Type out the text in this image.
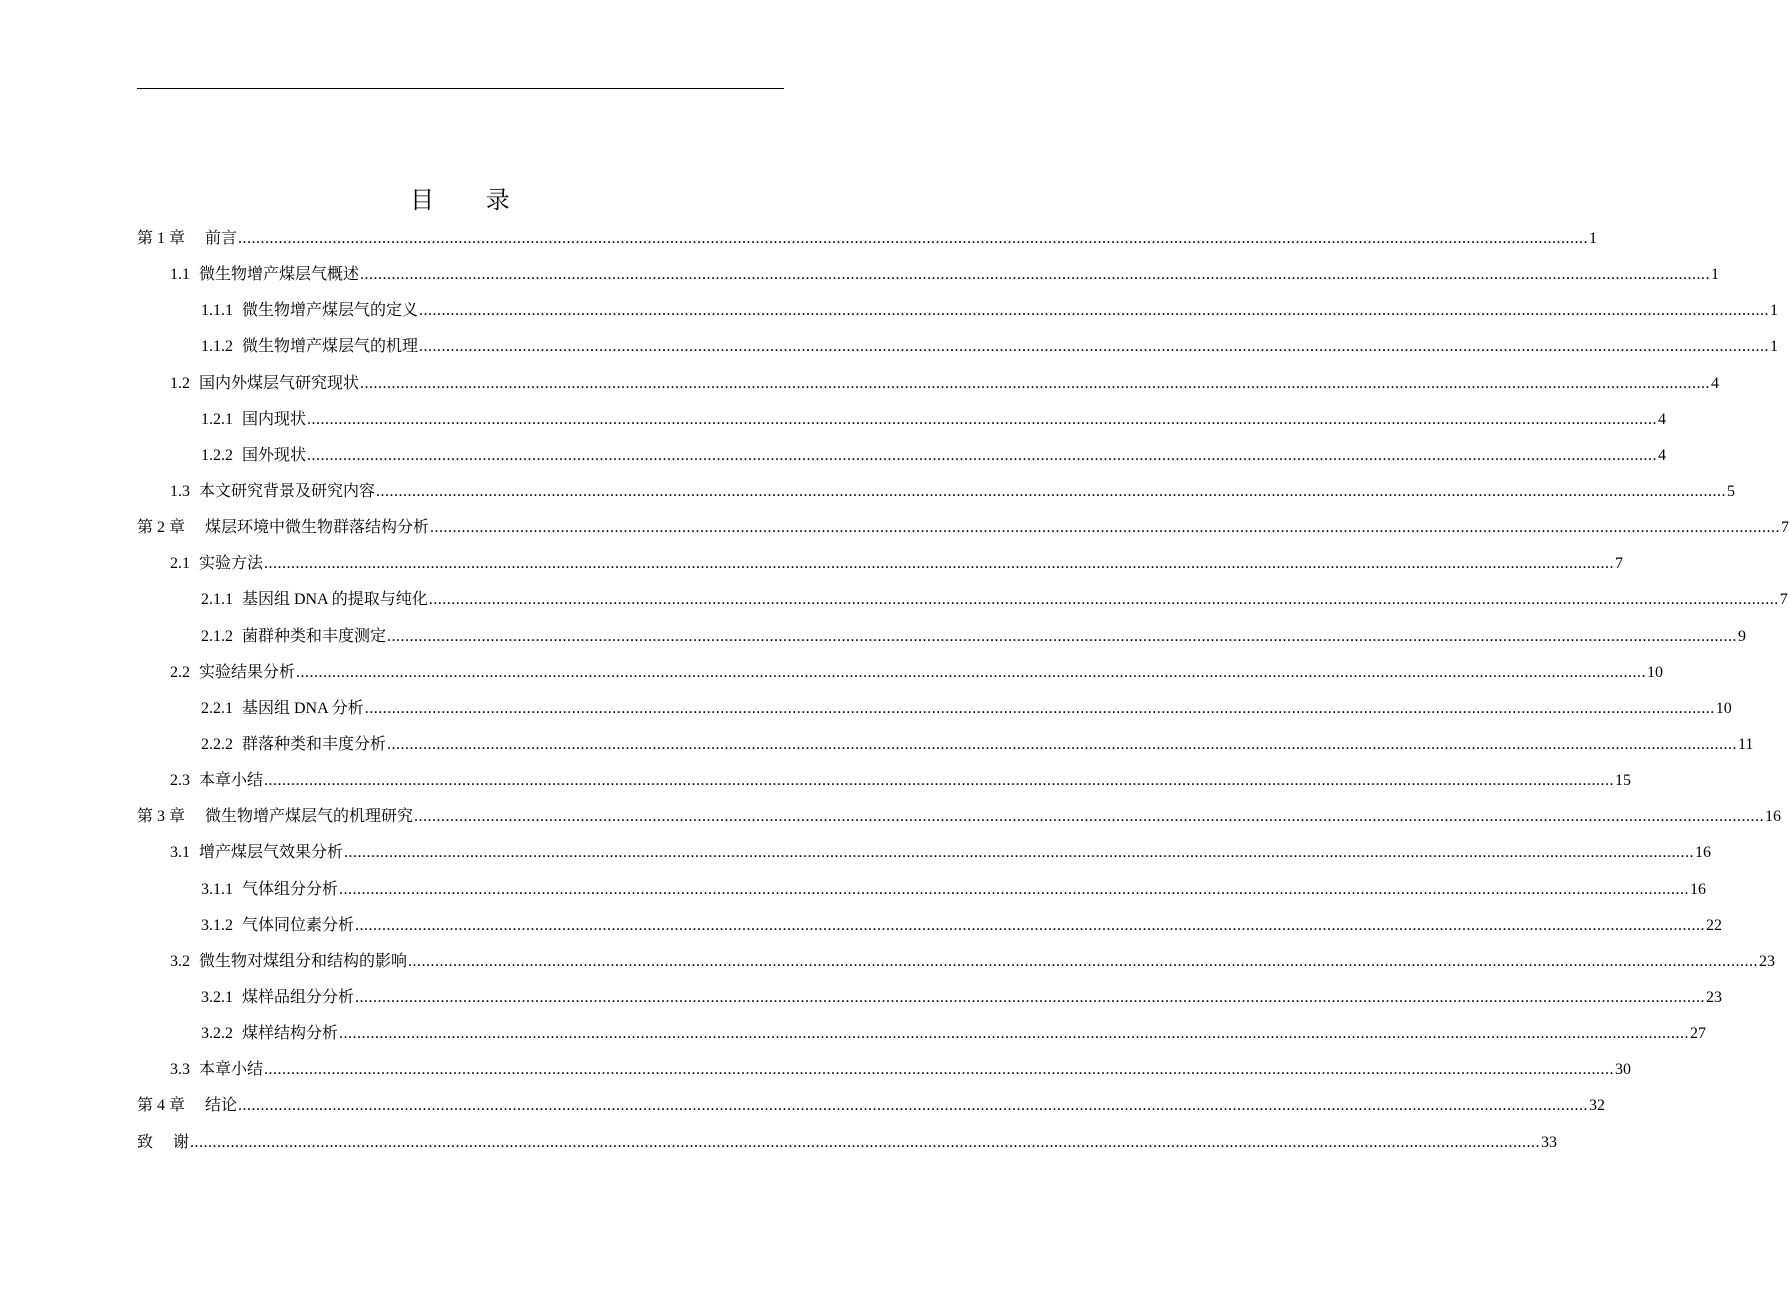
目 录
第 1 章 前言 ............................................................................................................................................................................................................................................................................................................ 1
1.1 微生物增产煤层气概述 ............................................................................................................................................................................................................................................................................................................ 1
1.1.1 微生物增产煤层气的定义 ............................................................................................................................................................................................................................................................................................................ 1
1.1.2 微生物增产煤层气的机理 ............................................................................................................................................................................................................................................................................................................ 1
1.2 国内外煤层气研究现状 ............................................................................................................................................................................................................................................................................................................ 4
1.2.1 国内现状 ............................................................................................................................................................................................................................................................................................................ 4
1.2.2 国外现状 ............................................................................................................................................................................................................................................................................................................ 4
1.3 本文研究背景及研究内容 ............................................................................................................................................................................................................................................................................................................ 5
第 2 章 煤层环境中微生物群落结构分析 ............................................................................................................................................................................................................................................................................................................ 7
2.1 实验方法 ............................................................................................................................................................................................................................................................................................................ 7
2.1.1 基因组 DNA 的提取与纯化 ............................................................................................................................................................................................................................................................................................................ 7
2.1.2 菌群种类和丰度测定 ............................................................................................................................................................................................................................................................................................................ 9
2.2 实验结果分析 ............................................................................................................................................................................................................................................................................................................ 10
2.2.1 基因组 DNA 分析 ............................................................................................................................................................................................................................................................................................................ 10
2.2.2 群落种类和丰度分析 ............................................................................................................................................................................................................................................................................................................ 11
2.3 本章小结 ............................................................................................................................................................................................................................................................................................................ 15
第 3 章 微生物增产煤层气的机理研究 ............................................................................................................................................................................................................................................................................................................ 16
3.1 增产煤层气效果分析 ............................................................................................................................................................................................................................................................................................................ 16
3.1.1 气体组分分析 ............................................................................................................................................................................................................................................................................................................ 16
3.1.2 气体同位素分析 ............................................................................................................................................................................................................................................................................................................ 22
3.2 微生物对煤组分和结构的影响 ............................................................................................................................................................................................................................................................................................................ 23
3.2.1 煤样品组分分析 ............................................................................................................................................................................................................................................................................................................ 23
3.2.2 煤样结构分析 ............................................................................................................................................................................................................................................................................................................ 27
3.3 本章小结 ............................................................................................................................................................................................................................................................................................................ 30
第 4 章 结论 ............................................................................................................................................................................................................................................................................................................ 32
致 谢 ............................................................................................................................................................................................................................................................................................................ 33
